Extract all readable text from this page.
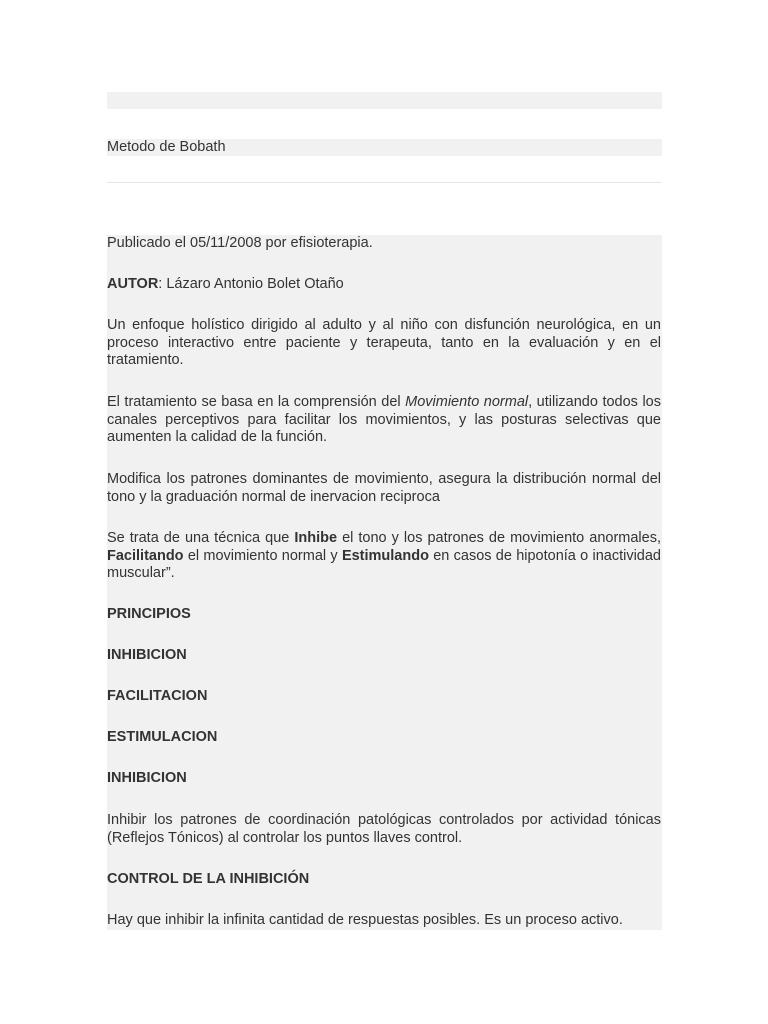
Metodo de Bobath

Publicado el 05/11/2008 por efisioterapia.

AUTOR: Lázaro Antonio Bolet Otaño

Un enfoque holístico dirigido al adulto y al niño con disfunción neurológica, en un proceso interactivo entre paciente y terapeuta, tanto en la evaluación y en el tratamiento.

El tratamiento se basa en la comprensión del Movimiento normal, utilizando todos los canales perceptivos para facilitar los movimientos, y las posturas selectivas que aumenten la calidad de la función.

Modifica los patrones dominantes de movimiento, asegura la distribución normal del tono y la graduación normal de inervacion reciproca

Se trata de una técnica que Inhibe el tono y los patrones de movimiento anormales, Facilitando el movimiento normal y Estimulando en casos de hipotonía o inactividad muscular”.

PRINCIPIOS

INHIBICION

FACILITACION

ESTIMULACION

INHIBICION

Inhibir los patrones de coordinación patológicas controlados por actividad tónicas (Reflejos Tónicos) al controlar los puntos llaves control.

CONTROL DE LA INHIBICIÓN

Hay que inhibir la infinita cantidad de respuestas posibles. Es un proceso activo.
